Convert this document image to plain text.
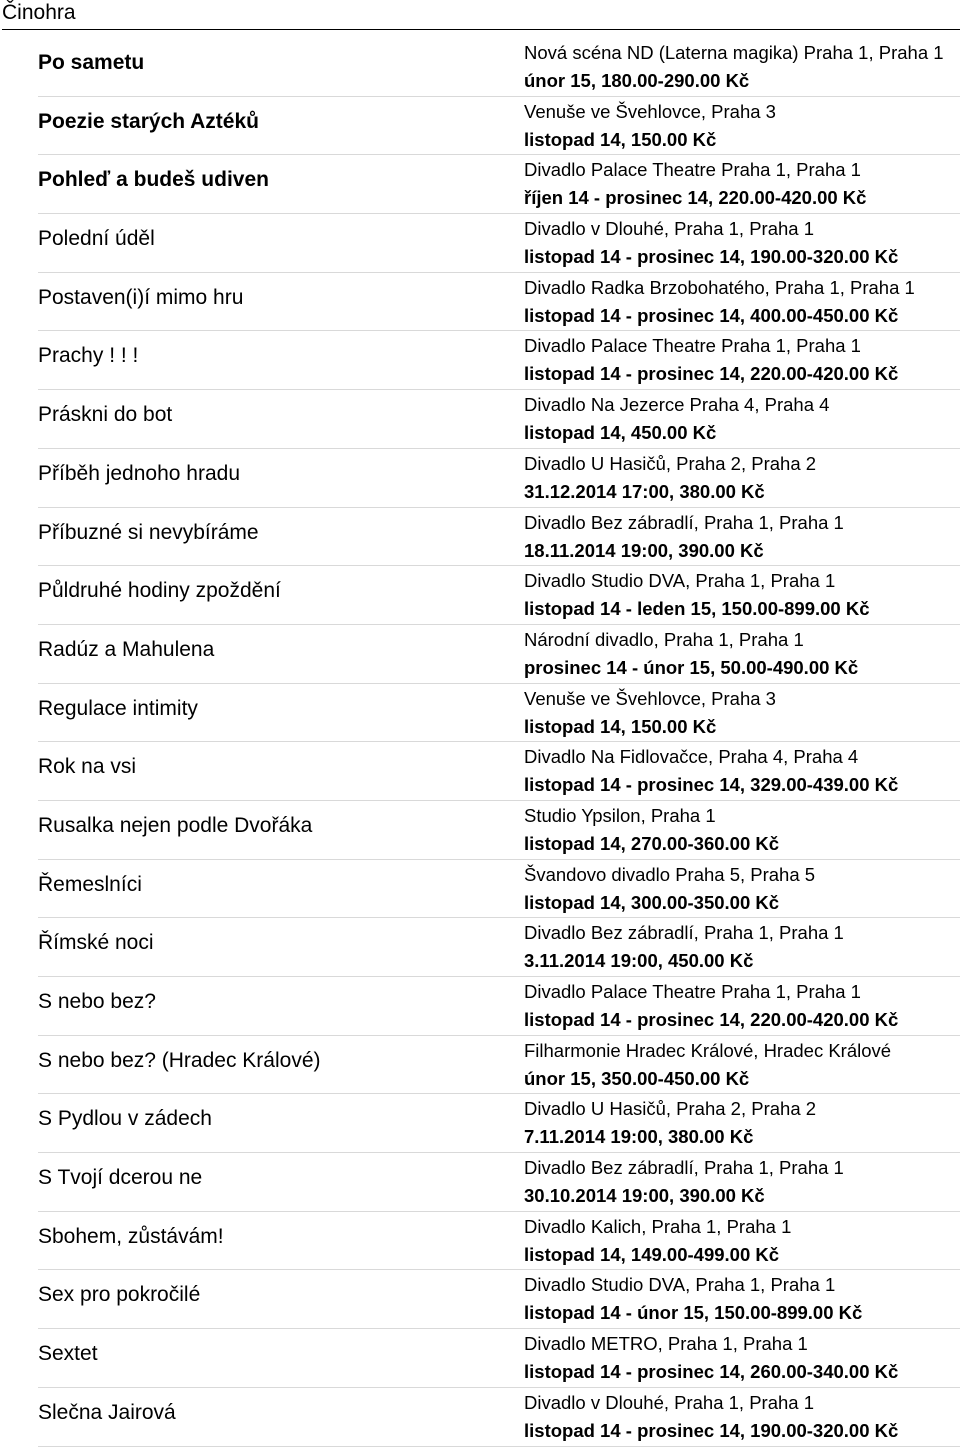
Činohra
Po sametu	Nová scéna ND (Laterna magika) Praha 1, Praha 1
únor 15, 180.00-290.00 Kč
Poezie starých Aztéků	Venuše ve Švehlovce, Praha 3
listopad 14, 150.00 Kč
Pohleď a budeš udiven	Divadlo Palace Theatre Praha 1, Praha 1
říjen 14 - prosinec 14, 220.00-420.00 Kč
Polední úděl	Divadlo v Dlouhé, Praha 1, Praha 1
listopad 14 - prosinec 14, 190.00-320.00 Kč
Postaven(i)í mimo hru	Divadlo Radka Brzobohatého, Praha 1, Praha 1
listopad 14 - prosinec 14, 400.00-450.00 Kč
Prachy ! ! !	Divadlo Palace Theatre Praha 1, Praha 1
listopad 14 - prosinec 14, 220.00-420.00 Kč
Práskni do bot	Divadlo Na Jezerce Praha 4, Praha 4
listopad 14, 450.00 Kč
Příběh jednoho hradu	Divadlo U Hasičů, Praha 2, Praha 2
31.12.2014 17:00, 380.00 Kč
Příbuzné si nevybíráme	Divadlo Bez zábradlí, Praha 1, Praha 1
18.11.2014 19:00, 390.00 Kč
Půldruhé hodiny zpoždění	Divadlo Studio DVA, Praha 1, Praha 1
listopad 14 - leden 15, 150.00-899.00 Kč
Radúz a Mahulena	Národní divadlo, Praha 1, Praha 1
prosinec 14 - únor 15, 50.00-490.00 Kč
Regulace intimity	Venuše ve Švehlovce, Praha 3
listopad 14, 150.00 Kč
Rok na vsi	Divadlo Na Fidlovačce, Praha 4, Praha 4
listopad 14 - prosinec 14, 329.00-439.00 Kč
Rusalka nejen podle Dvořáka	Studio Ypsilon, Praha 1
listopad 14, 270.00-360.00 Kč
Řemeslníci	Švandovo divadlo Praha 5, Praha 5
listopad 14, 300.00-350.00 Kč
Římské noci	Divadlo Bez zábradlí, Praha 1, Praha 1
3.11.2014 19:00, 450.00 Kč
S nebo bez?	Divadlo Palace Theatre Praha 1, Praha 1
listopad 14 - prosinec 14, 220.00-420.00 Kč
S nebo bez? (Hradec Králové)	Filharmonie Hradec Králové, Hradec Králové
únor 15, 350.00-450.00 Kč
S Pydlou v zádech	Divadlo U Hasičů, Praha 2, Praha 2
7.11.2014 19:00, 380.00 Kč
S Tvojí dcerou ne	Divadlo Bez zábradlí, Praha 1, Praha 1
30.10.2014 19:00, 390.00 Kč
Sbohem, zůstávám!	Divadlo Kalich, Praha 1, Praha 1
listopad 14, 149.00-499.00 Kč
Sex pro pokročilé	Divadlo Studio DVA, Praha 1, Praha 1
listopad 14 - únor 15, 150.00-899.00 Kč
Sextet	Divadlo METRO, Praha 1, Praha 1
listopad 14 - prosinec 14, 260.00-340.00 Kč
Slečna Jairová	Divadlo v Dlouhé, Praha 1, Praha 1
listopad 14 - prosinec 14, 190.00-320.00 Kč
